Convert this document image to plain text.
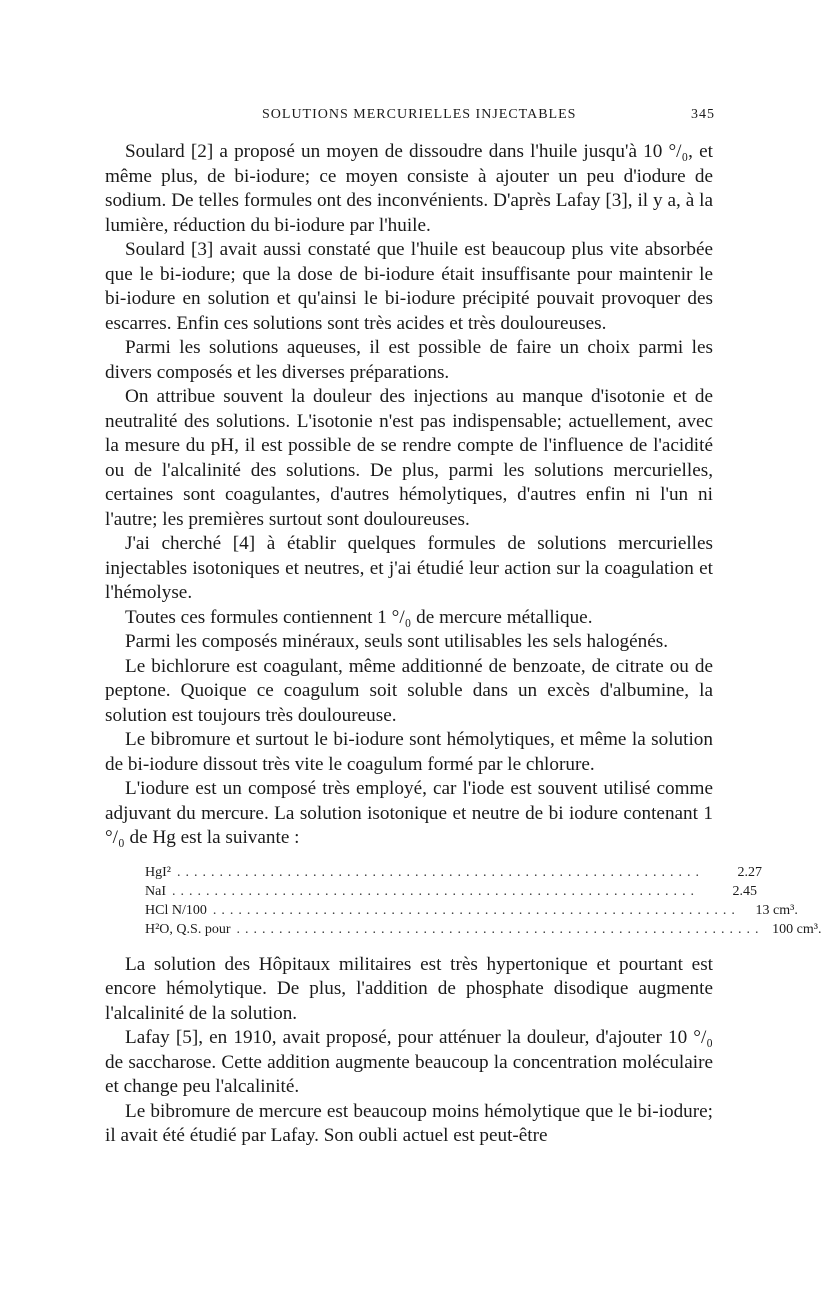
SOLUTIONS MERCURIELLES INJECTABLES	345

Soulard [2] a proposé un moyen de dissoudre dans l'huile jusqu'à 10 °/₀, et même plus, de bi-iodure; ce moyen consiste à ajouter un peu d'iodure de sodium. De telles formules ont des inconvénients. D'après Lafay [3], il y a, à la lumière, réduction du bi-iodure par l'huile.

Soulard [3] avait aussi constaté que l'huile est beaucoup plus vite absorbée que le bi-iodure; que la dose de bi-iodure était insuffisante pour maintenir le bi-iodure en solution et qu'ainsi le bi-iodure précipité pouvait provoquer des escarres. Enfin ces solutions sont très acides et très douloureuses.

Parmi les solutions aqueuses, il est possible de faire un choix parmi les divers composés et les diverses préparations.

On attribue souvent la douleur des injections au manque d'isotonie et de neutralité des solutions. L'isotonie n'est pas indispensable; actuellement, avec la mesure du pH, il est possible de se rendre compte de l'influence de l'acidité ou de l'alcalinité des solutions. De plus, parmi les solutions mercurielles, certaines sont coagulantes, d'autres hémolytiques, d'autres enfin ni l'un ni l'autre; les premières surtout sont douloureuses.

J'ai cherché [4] à établir quelques formules de solutions mercurielles injectables isotoniques et neutres, et j'ai étudié leur action sur la coagulation et l'hémolyse.

Toutes ces formules contiennent 1 °/₀ de mercure métallique.

Parmi les composés minéraux, seuls sont utilisables les sels halogénés.

Le bichlorure est coagulant, même additionné de benzoate, de citrate ou de peptone. Quoique ce coagulum soit soluble dans un excès d'albumine, la solution est toujours très douloureuse.

Le bibromure et surtout le bi-iodure sont hémolytiques, et même la solution de bi-iodure dissout très vite le coagulum formé par le chlorure.

L'iodure est un composé très employé, car l'iode est souvent utilisé comme adjuvant du mercure. La solution isotonique et neutre de bi iodure contenant 1 °/₀ de Hg est la suivante :

HgI² ..............................................................	2.27
NaI ..............................................................	2.45
HCl N/100 ..............................................................	13 cm³.
H²O, Q.S. pour .............................................................. 100 cm³.

La solution des Hôpitaux militaires est très hypertonique et pourtant est encore hémolytique. De plus, l'addition de phosphate disodique augmente l'alcalinité de la solution.

Lafay [5], en 1910, avait proposé, pour atténuer la douleur, d'ajouter 10 °/₀ de saccharose. Cette addition augmente beaucoup la concentration moléculaire et change peu l'alcalinité.

Le bibromure de mercure est beaucoup moins hémolytique que le bi-iodure; il avait été étudié par Lafay. Son oubli actuel est peut-être
